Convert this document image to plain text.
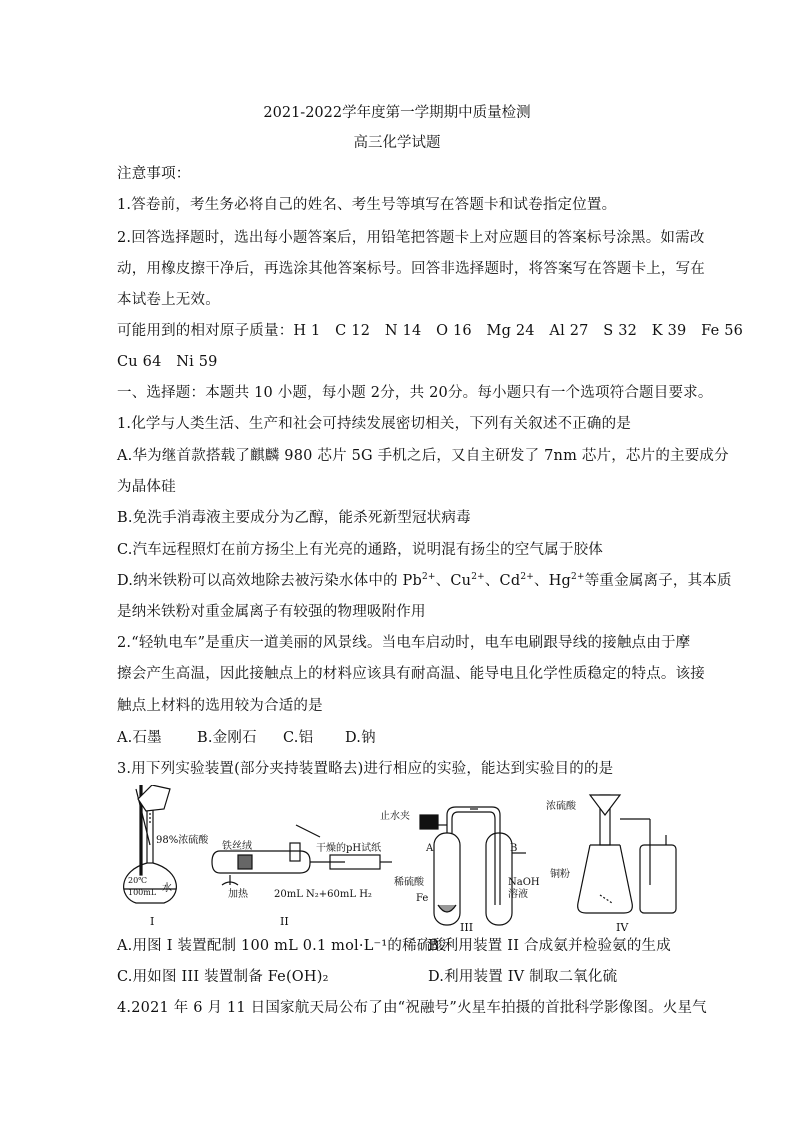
2021-2022学年度第一学期期中质量检测
高三化学试题
注意事项：
1.答卷前，考生务必将自己的姓名、考生号等填写在答题卡和试卷指定位置。
2.回答选择题时，选出每小题答案后，用铅笔把答题卡上对应题目的答案标号涂黑。如需改
动，用橡皮擦干净后，再选涂其他答案标号。回答非选择题时，将答案写在答题卡上，写在
本试卷上无效。
可能用到的相对原子质量：H 1　C 12　N 14　O 16　Mg 24　Al 27　S 32　K 39　Fe 56
Cu 64　Ni 59
一、选择题：本题共 10 小题，每小题 2分，共 20分。每小题只有一个选项符合题目要求。
1.化学与人类生活、生产和社会可持续发展密切相关，下列有关叙述不正确的是
A.华为继首款搭载了麒麟 980 芯片 5G 手机之后，又自主研发了 7nm 芯片，芯片的主要成分
为晶体硅
B.免洗手消毒液主要成分为乙醇，能杀死新型冠状病毒
C.汽车远程照灯在前方扬尘上有光亮的通路，说明混有扬尘的空气属于胶体
D.纳米铁粉可以高效地除去被污染水体中的 $Pb^{2+}$、$Cu^{2+}$、$Cd^{2+}$、$Hg^{2+}$等重金属离子，其本质
是纳米铁粉对重金属离子有较强的物理吸附作用
2.“轻轨电车”是重庆一道美丽的风景线。当电车启动时，电车电刷跟导线的接触点由于摩
擦会产生高温，因此接触点上的材料应该具有耐高温、能导电且化学性质稳定的特点。该接
触点上材料的选用较为合适的是
A.石墨 B.金刚石 C.铝 D.钠
3.用下列实验装置(部分夹持装置略去)进行相应的实验，能达到实验目的的是
98%浓硫酸
20℃
100mL 水
铁丝绒	干燥的pH试纸
加热	20mL N₂+60mL H₂
止水夹
A	B
稀硫酸
Fe
NaOH
溶液
浓硫酸
铜粉
I	II	III	IV
A.用图 I 装置配制 100 mL 0.1 mol·L⁻¹的稀硫酸
B.利用装置 II 合成氨并检验氨的生成
C.用如图 III 装置制备 Fe(OH)₂	D.利用装置 IV 制取二氧化硫
4.2021 年 6 月 11 日国家航天局公布了由“祝融号”火星车拍摄的首批科学影像图。火星气
